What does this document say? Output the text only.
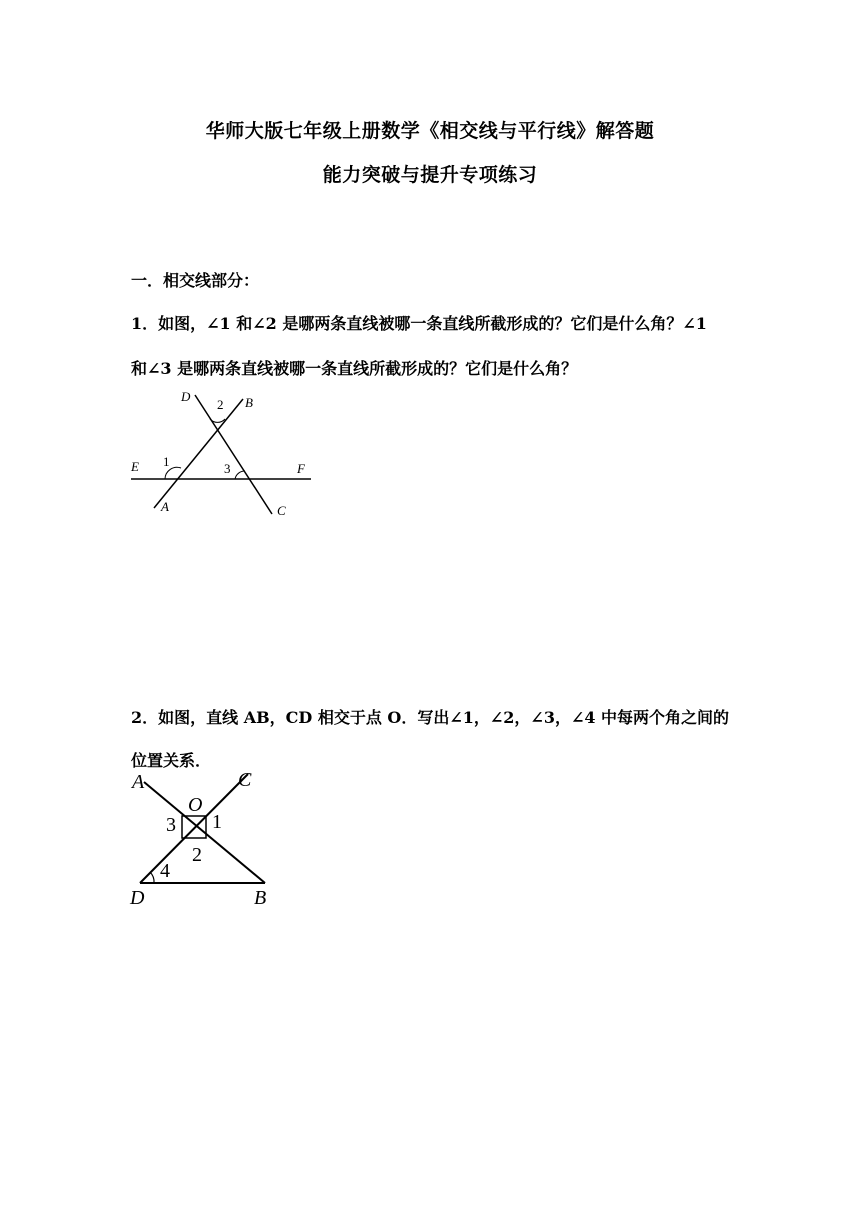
华师大版七年级上册数学《相交线与平行线》解答题
能力突破与提升专项练习
一．相交线部分：
1．如图，∠1 和∠2 是哪两条直线被哪一条直线所截形成的？它们是什么角？∠1
和∠3 是哪两条直线被哪一条直线所截形成的？它们是什么角？
D	B
2
E 1	3	F
A	C
2．如图，直线 AB，CD 相交于点 O．写出∠1，∠2，∠3，∠4 中每两个角之间的
位置关系．
A	C
O
3 1
2
4
D	B
